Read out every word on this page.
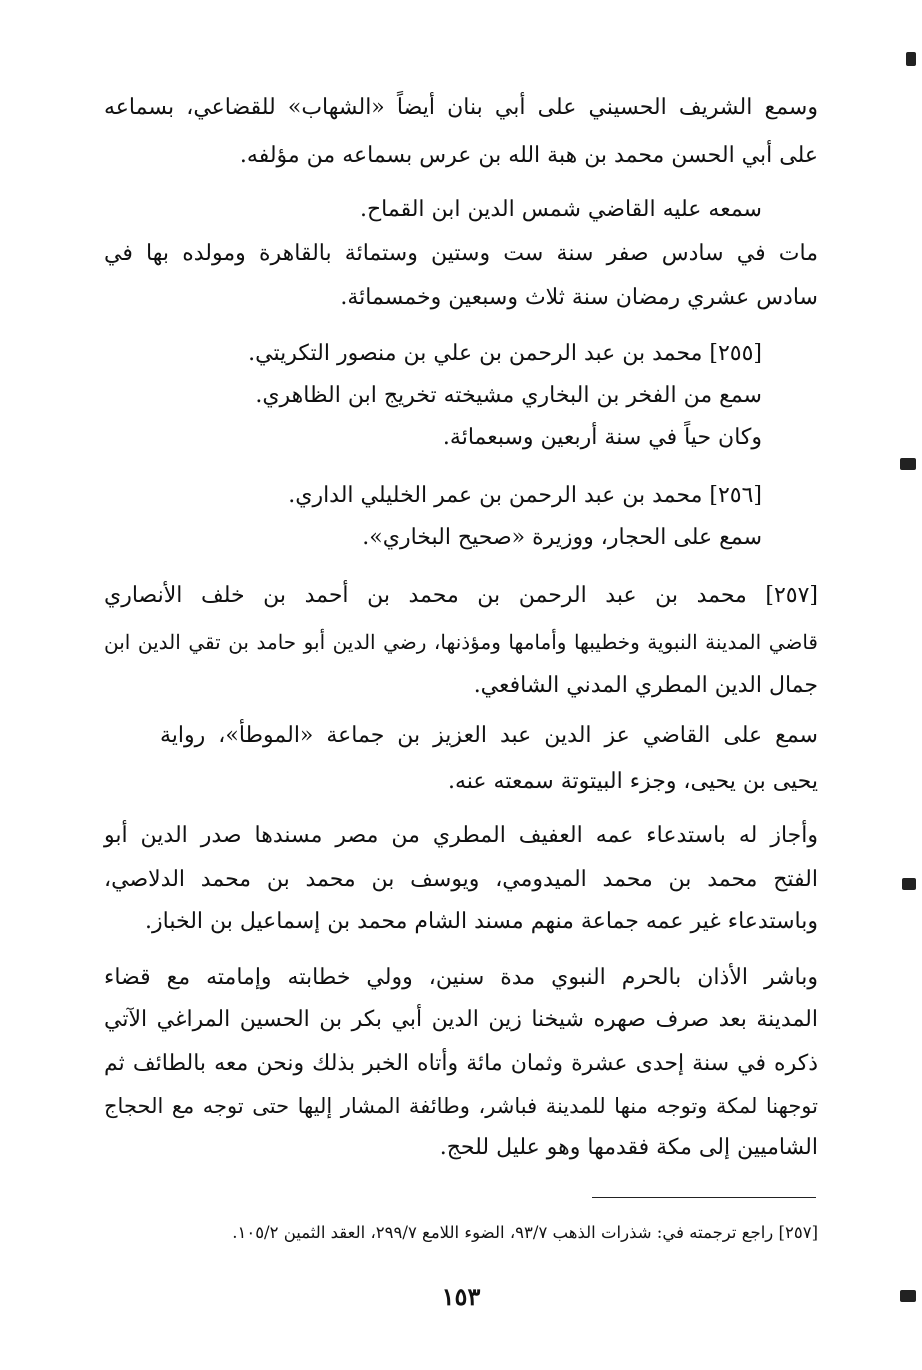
وسمع الشريف الحسيني على أبي بنان أيضاً «الشهاب» للقضاعي، بسماعه

على أبي الحسن محمد بن هبة الله بن عرس بسماعه من مؤلفه.

سمعه عليه القاضي شمس الدين ابن القماح.

مات في سادس صفر سنة ست وستين وستمائة بالقاهرة ومولده بها في

سادس عشري رمضان سنة ثلاث وسبعين وخمسمائة.

[٢٥٥] محمد بن عبد الرحمن بن علي بن منصور التكريتي.

سمع من الفخر بن البخاري مشيخته تخريج ابن الظاهري.

وكان حياً في سنة أربعين وسبعمائة.

[٢٥٦] محمد بن عبد الرحمن بن عمر الخليلي الداري.

سمع على الحجار، ووزيرة «صحيح البخاري».

[٢٥٧] محمد بن عبد الرحمن بن محمد بن أحمد بن خلف الأنصاري

قاضي المدينة النبوية وخطيبها وأمامها ومؤذنها، رضي الدين أبو حامد بن تقي الدين ابن

جمال الدين المطري المدني الشافعي.

سمع على القاضي عز الدين عبد العزيز بن جماعة «الموطأ»، رواية

يحيى بن يحيى، وجزء البيتوتة سمعته عنه.

وأجاز له باستدعاء عمه العفيف المطري من مصر مسندها صدر الدين أبو

الفتح محمد بن محمد الميدومي، ويوسف بن محمد بن محمد الدلاصي،

وباستدعاء غير عمه جماعة منهم مسند الشام محمد بن إسماعيل بن الخباز.

وباشر الأذان بالحرم النبوي مدة سنين، وولي خطابته وإمامته مع قضاء

المدينة بعد صرف صهره شيخنا زين الدين أبي بكر بن الحسين المراغي الآتي

ذكره في سنة إحدى عشرة وثمان مائة وأتاه الخبر بذلك ونحن معه بالطائف ثم

توجهنا لمكة وتوجه منها للمدينة فباشر، وطائفة المشار إليها حتى توجه مع الحجاج

الشاميين إلى مكة فقدمها وهو عليل للحج.

[٢٥٧] راجع ترجمته في: شذرات الذهب ٩٣/٧، الضوء اللامع ٢٩٩/٧، العقد الثمين ١٠٥/٢.

١٥٣
